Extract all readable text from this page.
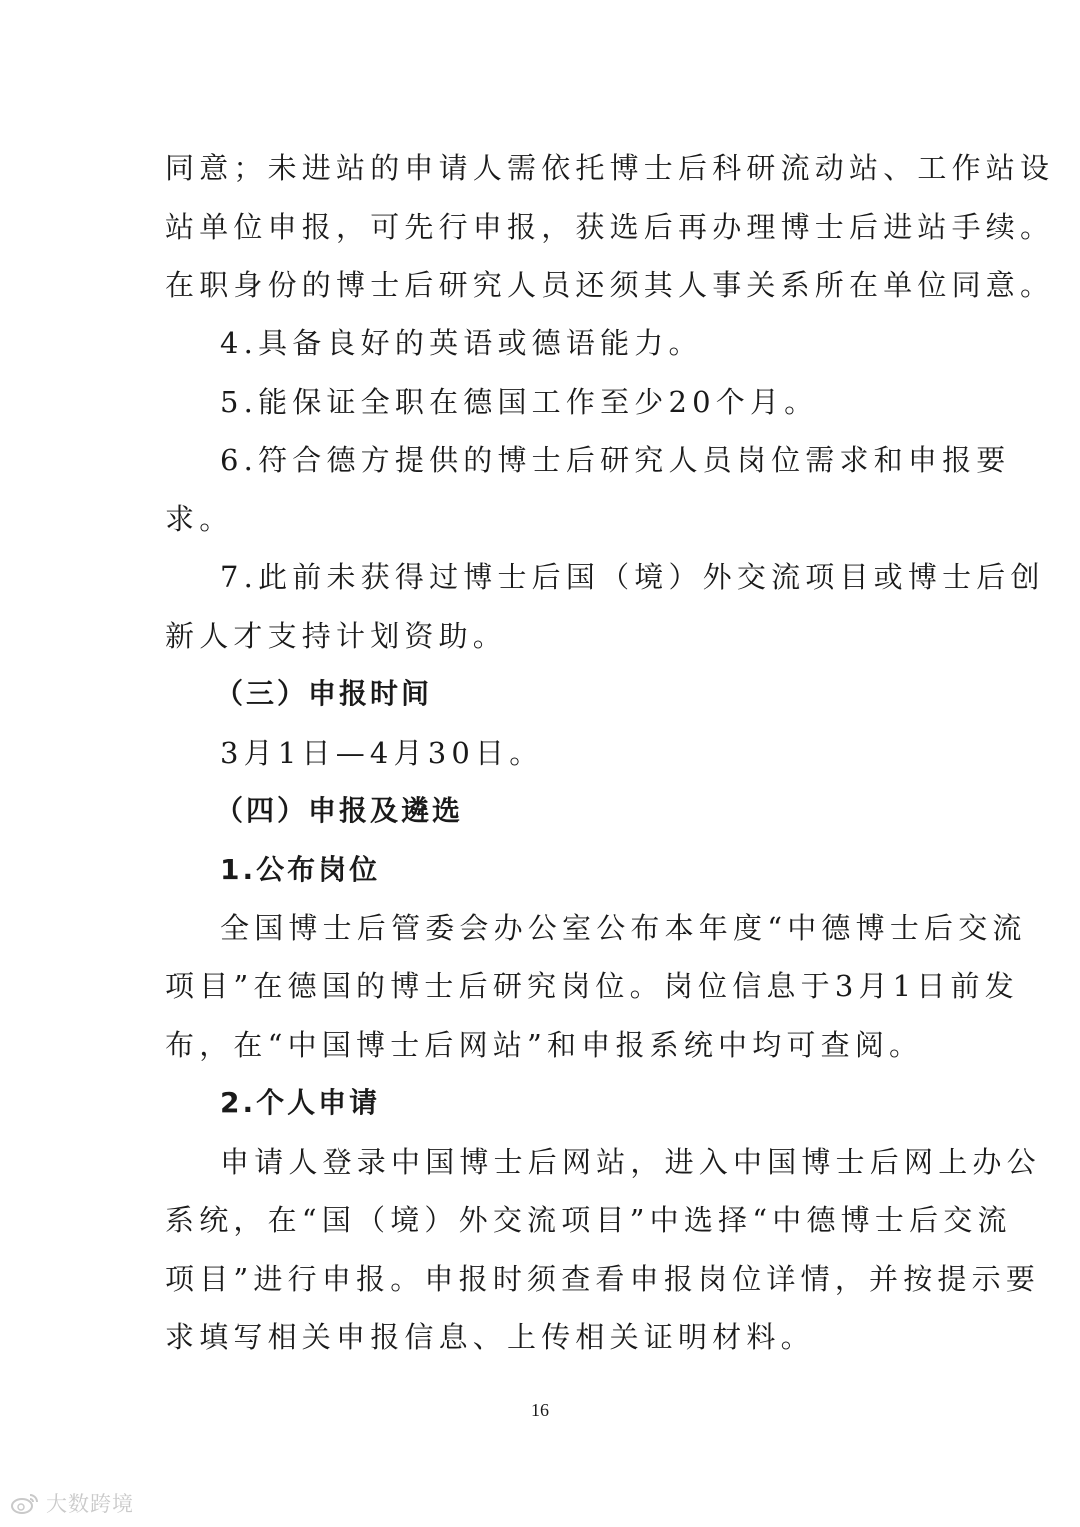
同意；未进站的申请人需依托博士后科研流动站、工作站设
站单位申报，可先行申报，获选后再办理博士后进站手续。
在职身份的博士后研究人员还须其人事关系所在单位同意。
4.具备良好的英语或德语能力。
5.能保证全职在德国工作至少20个月。
6.符合德方提供的博士后研究人员岗位需求和申报要
求。
7.此前未获得过博士后国（境）外交流项目或博士后创
新人才支持计划资助。
（三）申报时间
3月1日—4月30日。
（四）申报及遴选
1.公布岗位
全国博士后管委会办公室公布本年度“中德博士后交流
项目”在德国的博士后研究岗位。岗位信息于3月1日前发
布，在“中国博士后网站”和申报系统中均可查阅。
2.个人申请
申请人登录中国博士后网站，进入中国博士后网上办公
系统，在“国（境）外交流项目”中选择“中德博士后交流
项目”进行申报。申报时须查看申报岗位详情，并按提示要
求填写相关申报信息、上传相关证明材料。
16
大数跨境
